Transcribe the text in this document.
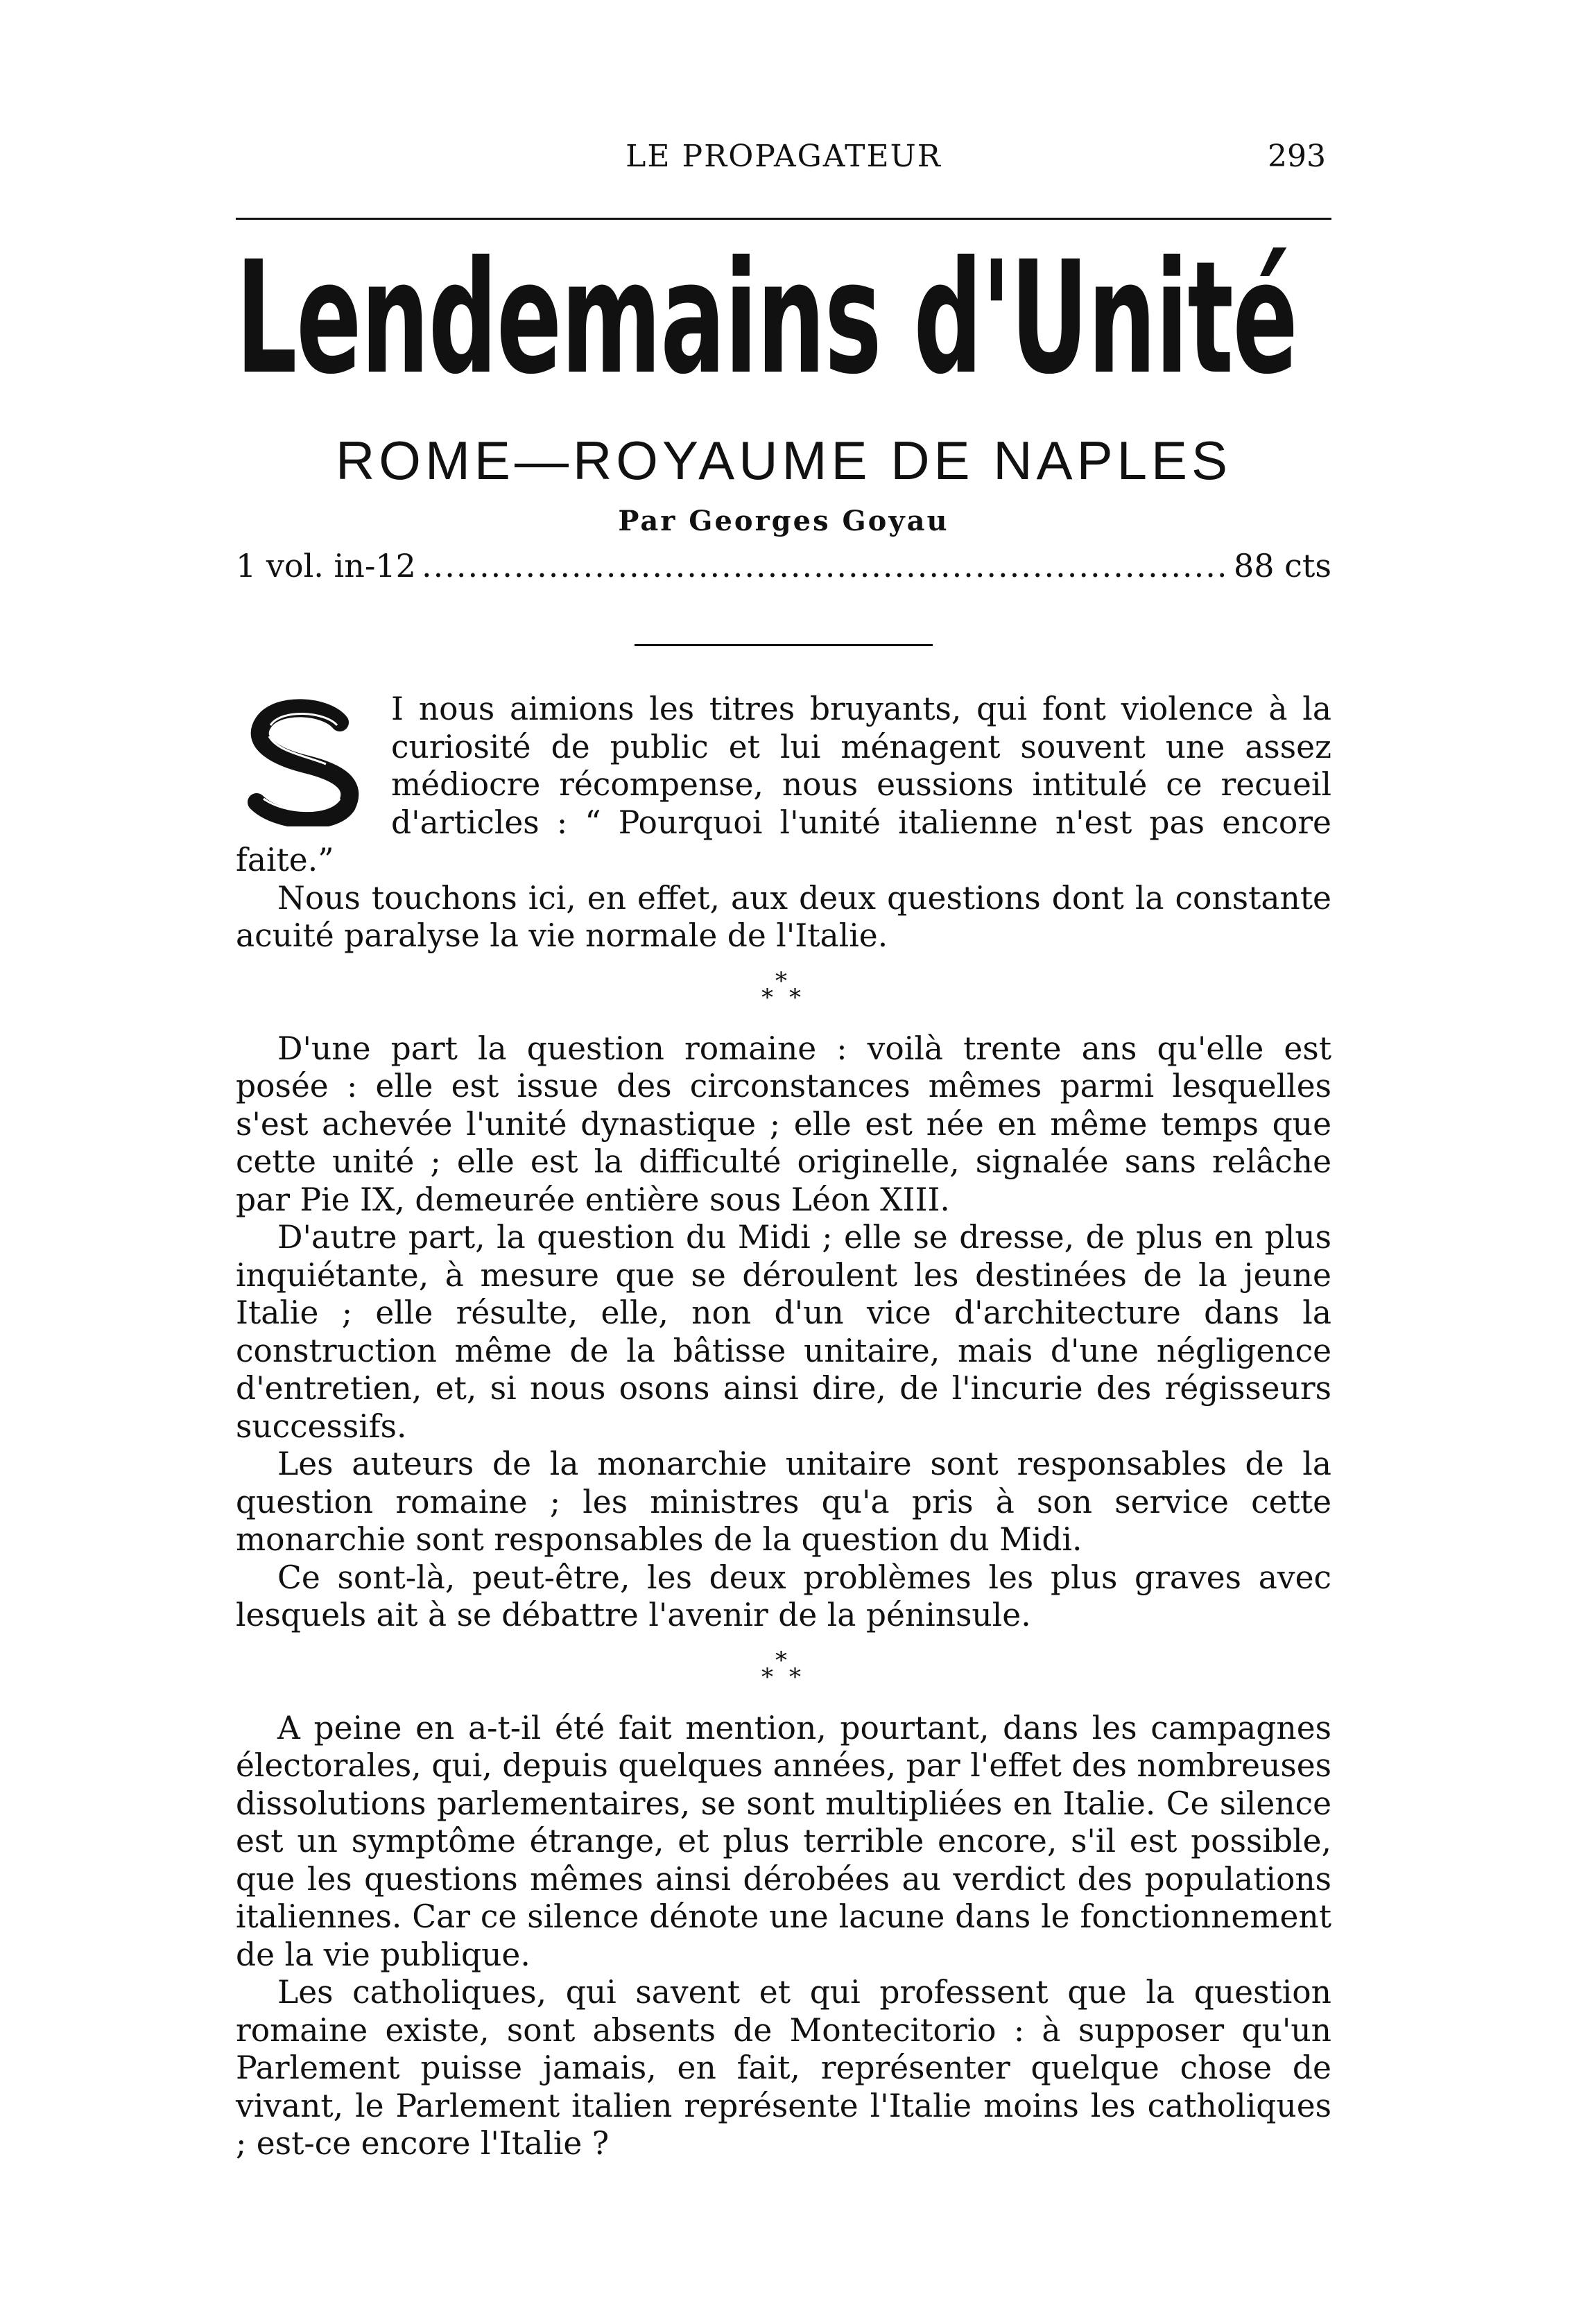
LE PROPAGATEUR	293
Lendemains d'Unité
ROME—ROYAUME DE NAPLES
Par Georges Goyau
1 vol. in-12
.....	88 cts

I nous aimions les titres bruyants, qui font violence à la curiosité de public et lui ménagent souvent une assez médiocre récompense, nous eussions intitulé ce recueil d'articles : “ Pourquoi l'unité italienne n'est pas encore faite.”

Nous touchons ici, en effet, aux deux questions dont la constante acuité paralyse la vie normale de l'Italie.

*
* *

D'une part la question romaine : voilà trente ans qu'elle est posée : elle est issue des circonstances mêmes parmi lesquelles s'est achevée l'unité dynastique ; elle est née en même temps que cette unité ; elle est la difficulté originelle, signalée sans relâche par Pie IX, demeurée entière sous Léon XIII.

D'autre part, la question du Midi ; elle se dresse, de plus en plus inquiétante, à mesure que se déroulent les destinées de la jeune Italie ; elle résulte, elle, non d'un vice d'architecture dans la construction même de la bâtisse unitaire, mais d'une négligence d'entretien, et, si nous osons ainsi dire, de l'incurie des régisseurs successifs.

Les auteurs de la monarchie unitaire sont responsables de la question romaine ; les ministres qu'a pris à son service cette monarchie sont responsables de la question du Midi.

Ce sont-là, peut-être, les deux problèmes les plus graves avec lesquels ait à se débattre l'avenir de la péninsule.

*
* *

A peine en a-t-il été fait mention, pourtant, dans les campagnes électorales, qui, depuis quelques années, par l'effet des nombreuses dissolutions parlementaires, se sont multipliées en Italie. Ce silence est un symptôme étrange, et plus terrible encore, s'il est possible, que les questions mêmes ainsi dérobées au verdict des populations italiennes. Car ce silence dénote une lacune dans le fonctionnement de la vie publique.

Les catholiques, qui savent et qui professent que la question romaine existe, sont absents de Montecitorio : à supposer qu'un Parlement puisse jamais, en fait, représenter quelque chose de vivant, le Parlement italien représente l'Italie moins les catholiques ; est-ce encore l'Italie ?
